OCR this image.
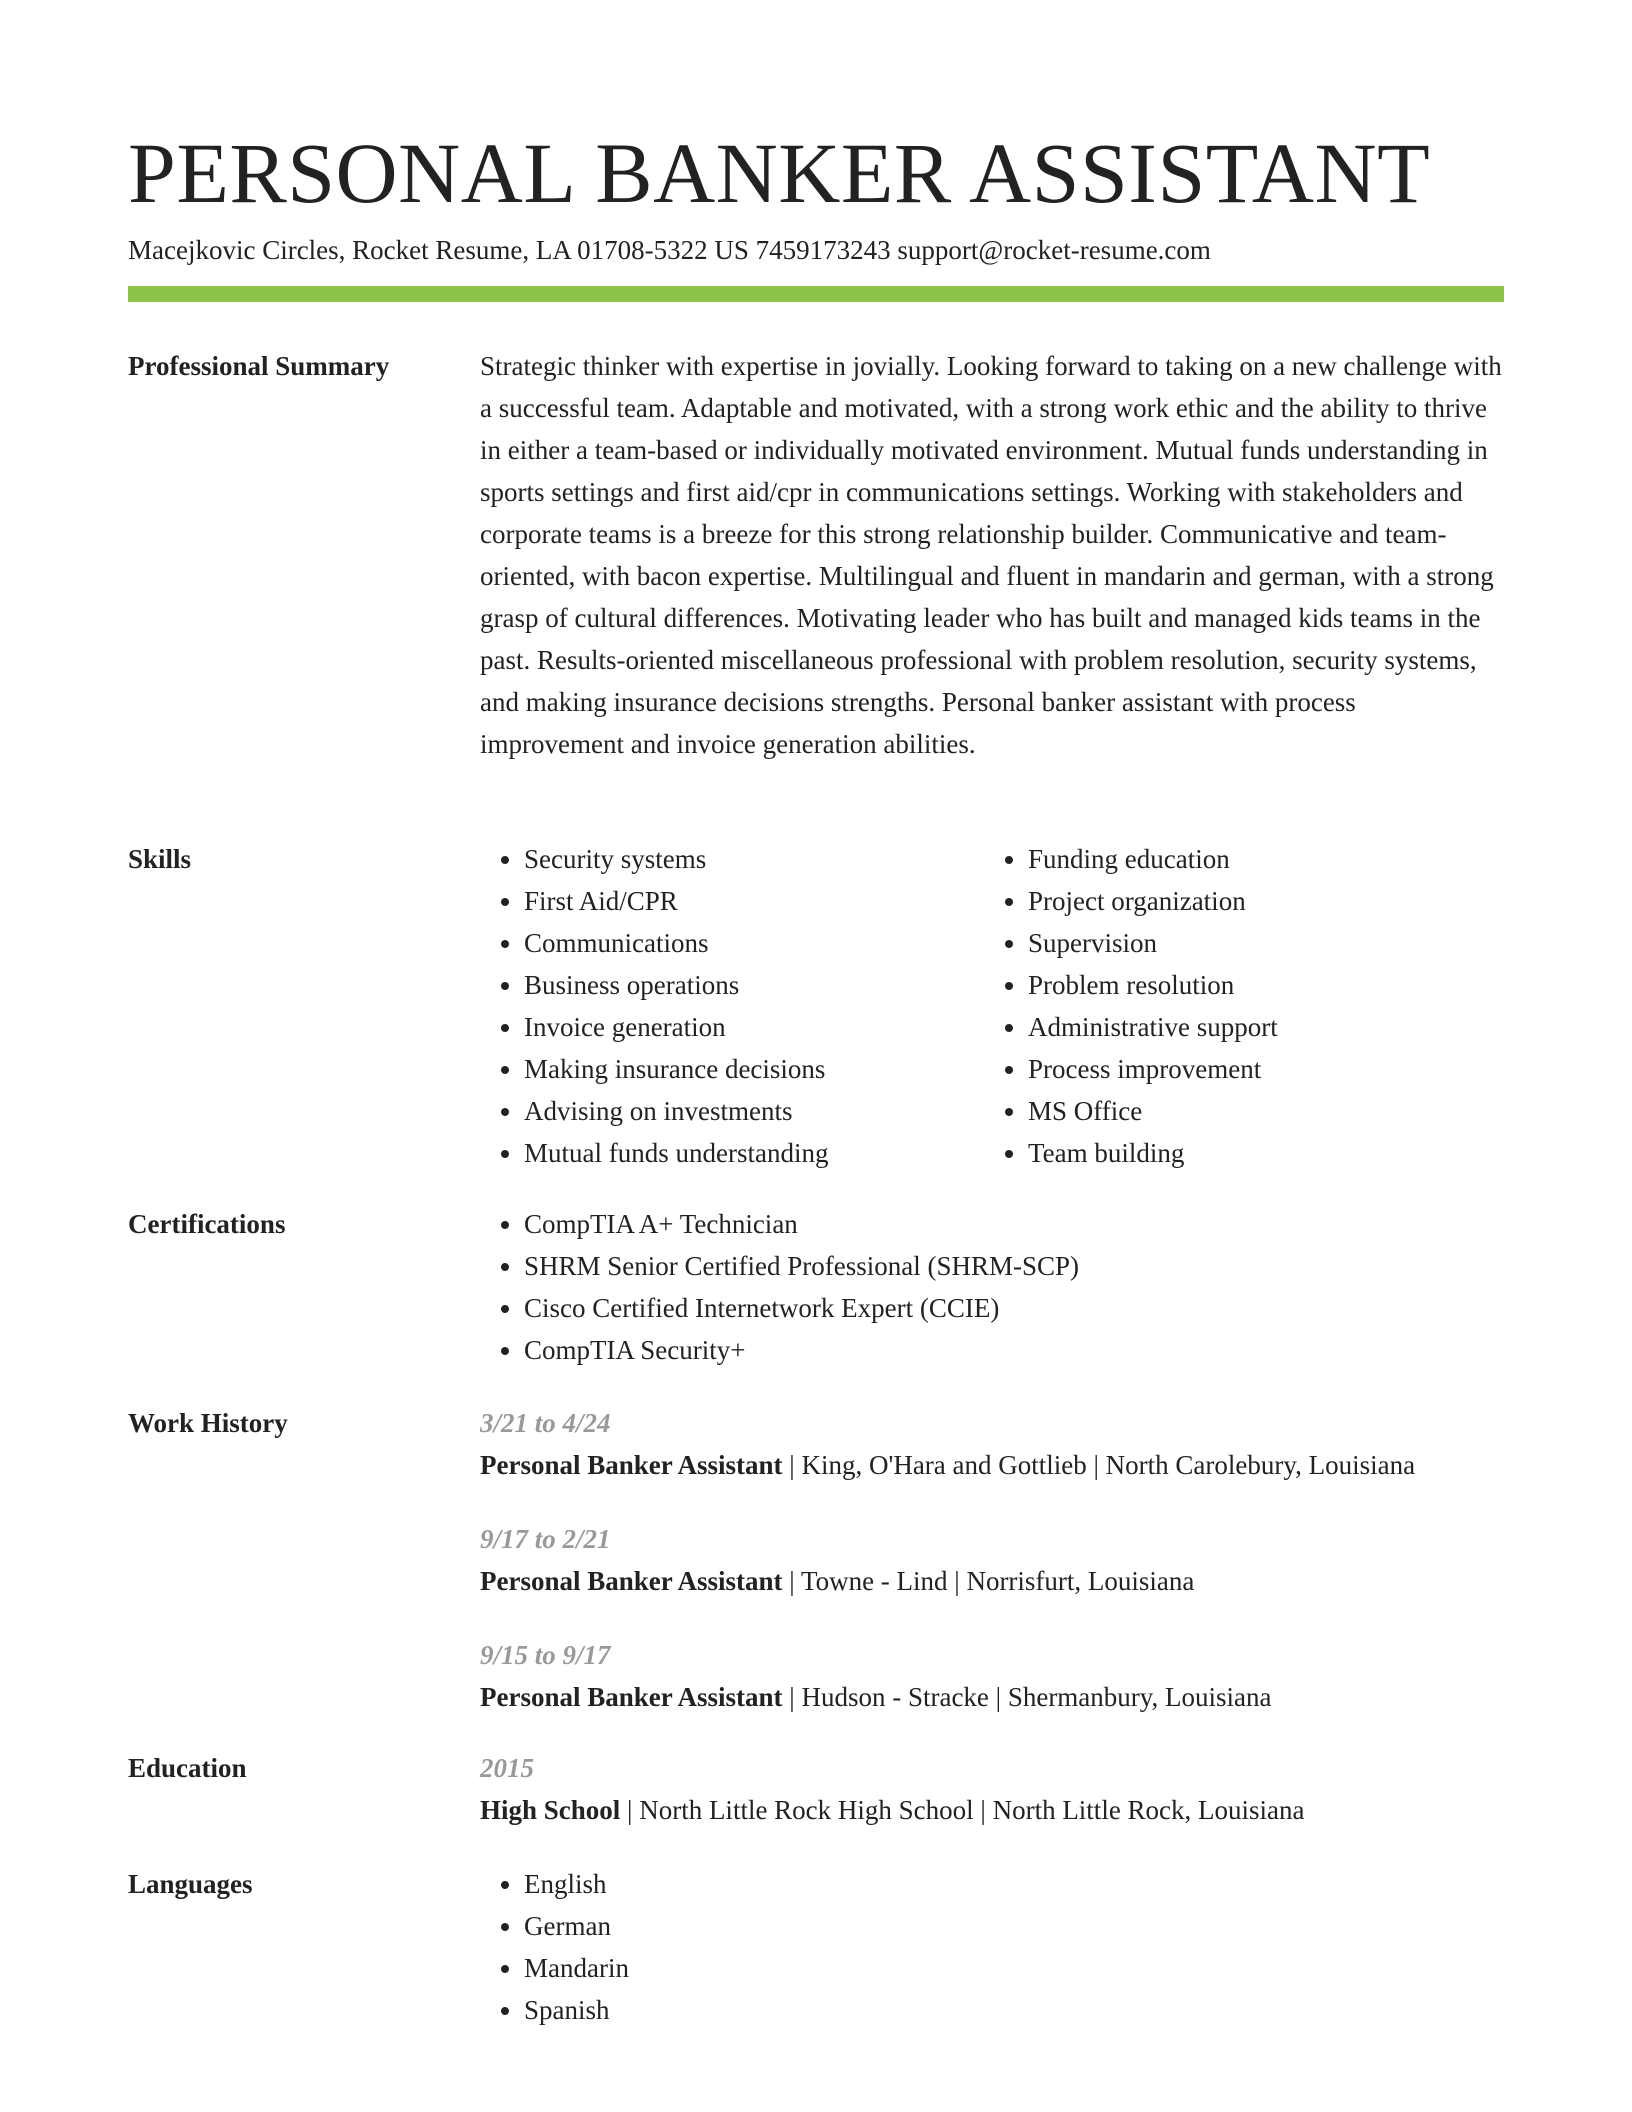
PERSONAL BANKER ASSISTANT
Macejkovic Circles, Rocket Resume, LA 01708-5322 US 7459173243 support@rocket-resume.com
Professional Summary	Strategic thinker with expertise in jovially. Looking forward to taking on a new challenge with a successful team. Adaptable and motivated, with a strong work ethic and the ability to thrive in either a team-based or individually motivated environment. Mutual funds understanding in sports settings and first aid/cpr in communications settings. Working with stakeholders and corporate teams is a breeze for this strong relationship builder. Communicative and team-oriented, with bacon expertise. Multilingual and fluent in mandarin and german, with a strong grasp of cultural differences. Motivating leader who has built and managed kids teams in the past. Results-oriented miscellaneous professional with problem resolution, security systems, and making insurance decisions strengths. Personal banker assistant with process improvement and invoice generation abilities.

Skills	• Security systems
• First Aid/CPR
• Communications
• Business operations
• Invoice generation
• Making insurance decisions
• Advising on investments
• Mutual funds understanding
• Funding education
• Project organization
• Supervision
• Problem resolution
• Administrative support
• Process improvement
• MS Office
• Team building
Certifications	• CompTIA A+ Technician
• SHRM Senior Certified Professional (SHRM-SCP)
• Cisco Certified Internetwork Expert (CCIE)
• CompTIA Security+
Work History	3/21 to 4/24
Personal Banker Assistant | King, O'Hara and Gottlieb | North Carolebury, Louisiana
9/17 to 2/21
Personal Banker Assistant | Towne - Lind | Norrisfurt, Louisiana
9/15 to 9/17
Personal Banker Assistant | Hudson - Stracke | Shermanbury, Louisiana
Education	2015
High School | North Little Rock High School | North Little Rock, Louisiana
Languages	• English
• German
• Mandarin
• Spanish
